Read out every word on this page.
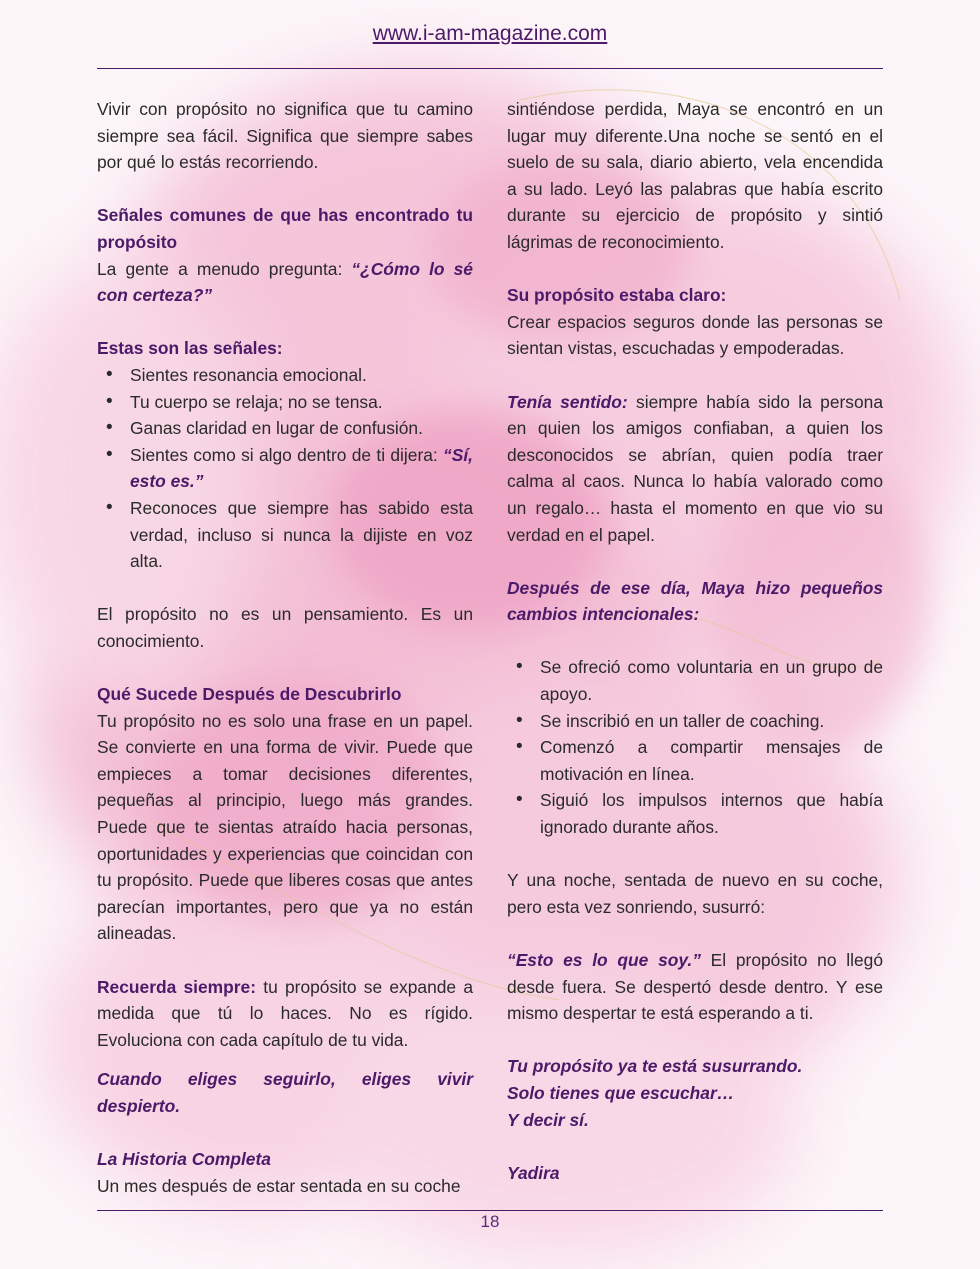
www.i-am-magazine.com

Vivir con propósito no significa que tu camino siempre sea fácil. Significa que siempre sabes por qué lo estás recorriendo.

Señales comunes de que has encontrado tu propósito

La gente a menudo pregunta: “¿Cómo lo sé con certeza?”

Estas son las señales:

• Sientes resonancia emocional.
• Tu cuerpo se relaja; no se tensa.
• Ganas claridad en lugar de confusión.
• Sientes como si algo dentro de ti dijera: “Sí, esto es.”
• Reconoces que siempre has sabido esta verdad, incluso si nunca la dijiste en voz alta.

El propósito no es un pensamiento. Es un conocimiento.

Qué Sucede Después de Descubrirlo

Tu propósito no es solo una frase en un papel. Se convierte en una forma de vivir. Puede que empieces a tomar decisiones diferentes, pequeñas al principio, luego más grandes. Puede que te sientas atraído hacia personas, oportunidades y experiencias que coincidan con tu propósito. Puede que liberes cosas que antes parecían importantes, pero que ya no están alineadas.

Recuerda siempre: tu propósito se expande a medida que tú lo haces. No es rígido. Evoluciona con cada capítulo de tu vida.

Cuando eliges seguirlo, eliges vivir despierto.

La Historia Completa

Un mes después de estar sentada en su coche

sintiéndose perdida, Maya se encontró en un lugar muy diferente.Una noche se sentó en el suelo de su sala, diario abierto, vela encendida a su lado. Leyó las palabras que había escrito durante su ejercicio de propósito y sintió lágrimas de reconocimiento.

Su propósito estaba claro:

Crear espacios seguros donde las personas se sientan vistas, escuchadas y empoderadas.

Tenía sentido: siempre había sido la persona en quien los amigos confiaban, a quien los desconocidos se abrían, quien podía traer calma al caos. Nunca lo había valorado como un regalo… hasta el momento en que vio su verdad en el papel.

Después de ese día, Maya hizo pequeños cambios intencionales:

• Se ofreció como voluntaria en un grupo de apoyo.
• Se inscribió en un taller de coaching.
• Comenzó a compartir mensajes de motivación en línea.
• Siguió los impulsos internos que había ignorado durante años.

Y una noche, sentada de nuevo en su coche, pero esta vez sonriendo, susurró:

“Esto es lo que soy.” El propósito no llegó desde fuera. Se despertó desde dentro. Y ese mismo despertar te está esperando a ti.

Tu propósito ya te está susurrando.

Solo tienes que escuchar…

Y decir sí.

Yadira

18
